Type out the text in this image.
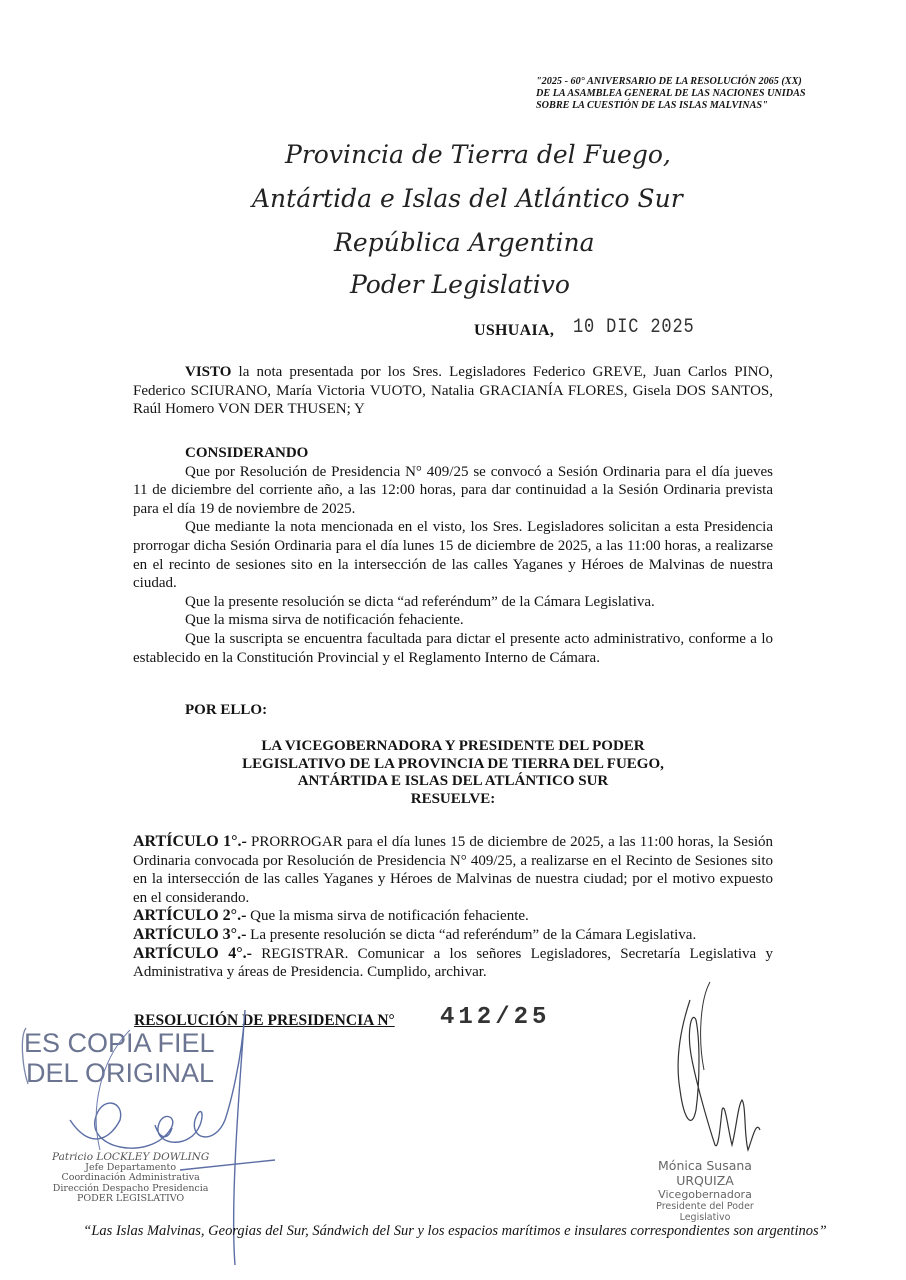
"2025 - 60° ANIVERSARIO DE LA RESOLUCIÓN 2065 (XX)
DE LA ASAMBLEA GENERAL DE LAS NACIONES UNIDAS
SOBRE LA CUESTIÓN DE LAS ISLAS MALVINAS"
Provincia de Tierra del Fuego,
Antártida e Islas del Atlántico Sur
República Argentina
Poder Legislativo
USHUAIA, 10 DIC 2025

VISTO la nota presentada por los Sres. Legisladores Federico GREVE, Juan Carlos PINO, Federico SCIURANO, María Victoria VUOTO, Natalia GRACIANÍA FLORES, Gisela DOS SANTOS, Raúl Homero VON DER THUSEN; Y

CONSIDERANDO

Que por Resolución de Presidencia N° 409/25 se convocó a Sesión Ordinaria para el día jueves 11 de diciembre del corriente año, a las 12:00 horas, para dar continuidad a la Sesión Ordinaria prevista para el día 19 de noviembre de 2025.

Que mediante la nota mencionada en el visto, los Sres. Legisladores solicitan a esta Presidencia prorrogar dicha Sesión Ordinaria para el día lunes 15 de diciembre de 2025, a las 11:00 horas, a realizarse en el recinto de sesiones sito en la intersección de las calles Yaganes y Héroes de Malvinas de nuestra ciudad.

Que la presente resolución se dicta “ad referéndum” de la Cámara Legislativa.

Que la misma sirva de notificación fehaciente.

Que la suscripta se encuentra facultada para dictar el presente acto administrativo, conforme a lo establecido en la Constitución Provincial y el Reglamento Interno de Cámara.

POR ELLO:
LA VICEGOBERNADORA Y PRESIDENTE DEL PODER
LEGISLATIVO DE LA PROVINCIA DE TIERRA DEL FUEGO,
ANTÁRTIDA E ISLAS DEL ATLÁNTICO SUR
RESUELVE:
ARTÍCULO 1°.- PRORROGAR para el día lunes 15 de diciembre de 2025, a las 11:00 horas, la Sesión Ordinaria convocada por Resolución de Presidencia N° 409/25, a realizarse en el Recinto de Sesiones sito en la intersección de las calles Yaganes y Héroes de Malvinas de nuestra ciudad; por el motivo expuesto en el considerando.
ARTÍCULO 2°.- Que la misma sirva de notificación fehaciente.
ARTÍCULO 3°.- La presente resolución se dicta “ad referéndum” de la Cámara Legislativa.
ARTÍCULO 4°.- REGISTRAR. Comunicar a los señores Legisladores, Secretaría Legislativa y Administrativa y áreas de Presidencia. Cumplido, archivar.
RESOLUCIÓN DE PRESIDENCIA N° 412/25
ES COPIA FIEL
DEL ORIGINAL
Patricio LOCKLEY DOWLING
Jefe Departamento
Coordinación Administrativa
Dirección Despacho Presidencia
PODER LEGISLATIVO
Mónica Susana URQUIZA
Vicegobernadora
Presidente del Poder Legislativo
“Las Islas Malvinas, Georgias del Sur, Sándwich del Sur y los espacios marítimos e insulares correspondientes son argentinos”
